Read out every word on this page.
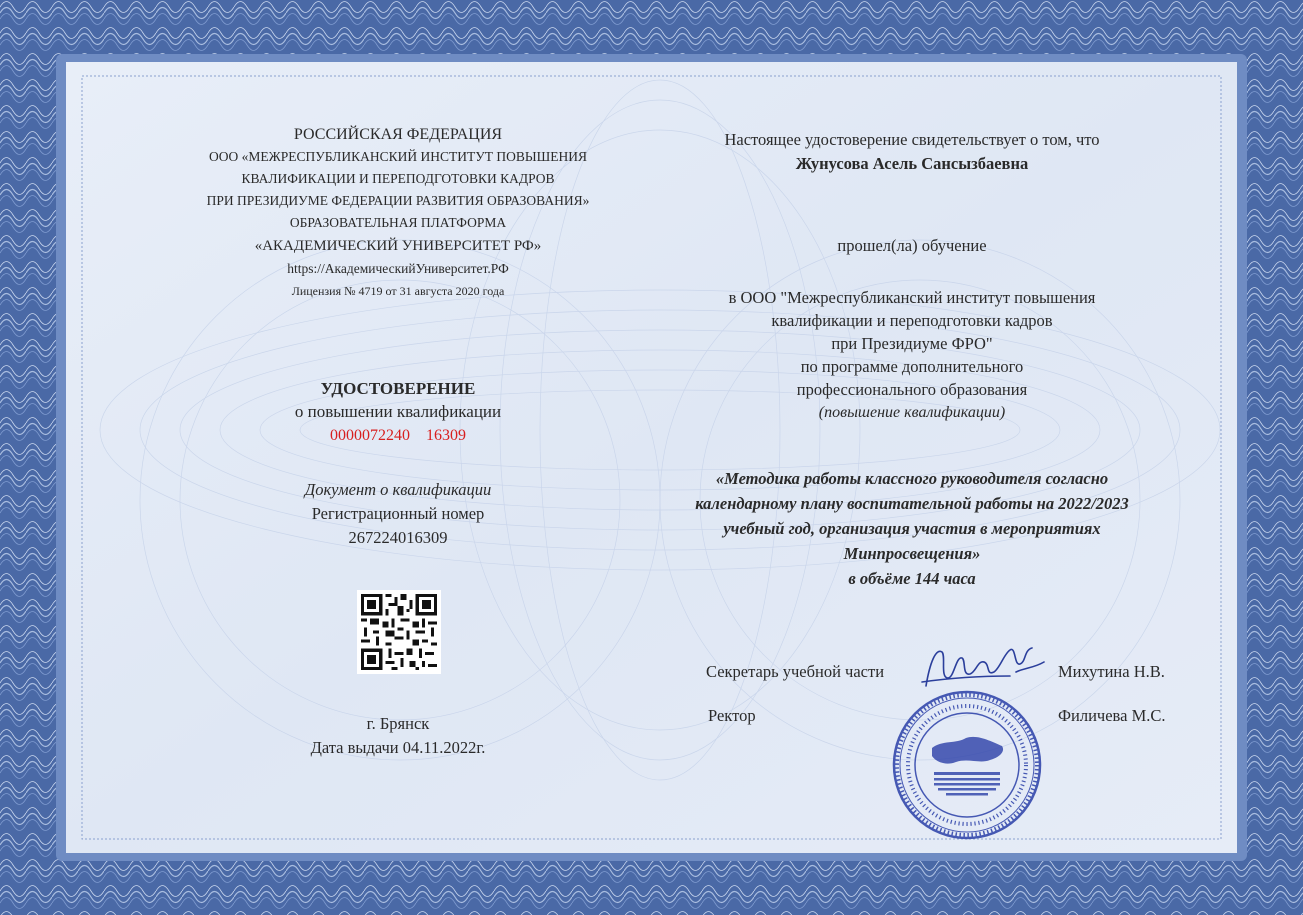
РОССИЙСКАЯ ФЕДЕРАЦИЯ
ООО «МЕЖРЕСПУБЛИКАНСКИЙ ИНСТИТУТ ПОВЫШЕНИЯ
КВАЛИФИКАЦИИ И ПЕРЕПОДГОТОВКИ КАДРОВ
ПРИ ПРЕЗИДИУМЕ ФЕДЕРАЦИИ РАЗВИТИЯ ОБРАЗОВАНИЯ»
ОБРАЗОВАТЕЛЬНАЯ ПЛАТФОРМА
«АКАДЕМИЧЕСКИЙ УНИВЕРСИТЕТ РФ»
https://АкадемическийУниверситет.РФ
Лицензия № 4719 от 31 августа 2020 года
УДОСТОВЕРЕНИЕ
о повышении квалификации
0000072240 16309
Документ о квалификации
Регистрационный номер
267224016309
г. Брянск
Дата выдачи 04.11.2022г.
Настоящее удостоверение свидетельствует о том, что
Жунусова Асель Сансызбаевна
прошел(ла) обучение
в ООО "Межреспубликанский институт повышения
квалификации и переподготовки кадров
при Президиуме ФРО"
по программе дополнительного
профессионального образования
(повышение квалификации)
«Методика работы классного руководителя согласно
календарному плану воспитательной работы на 2022/2023
учебный год, организация участия в мероприятиях
Минпросвещения»
в объёме 144 часа
Секретарь учебной части	Михутина Н.В.
Ректор	Филичева М.С.
